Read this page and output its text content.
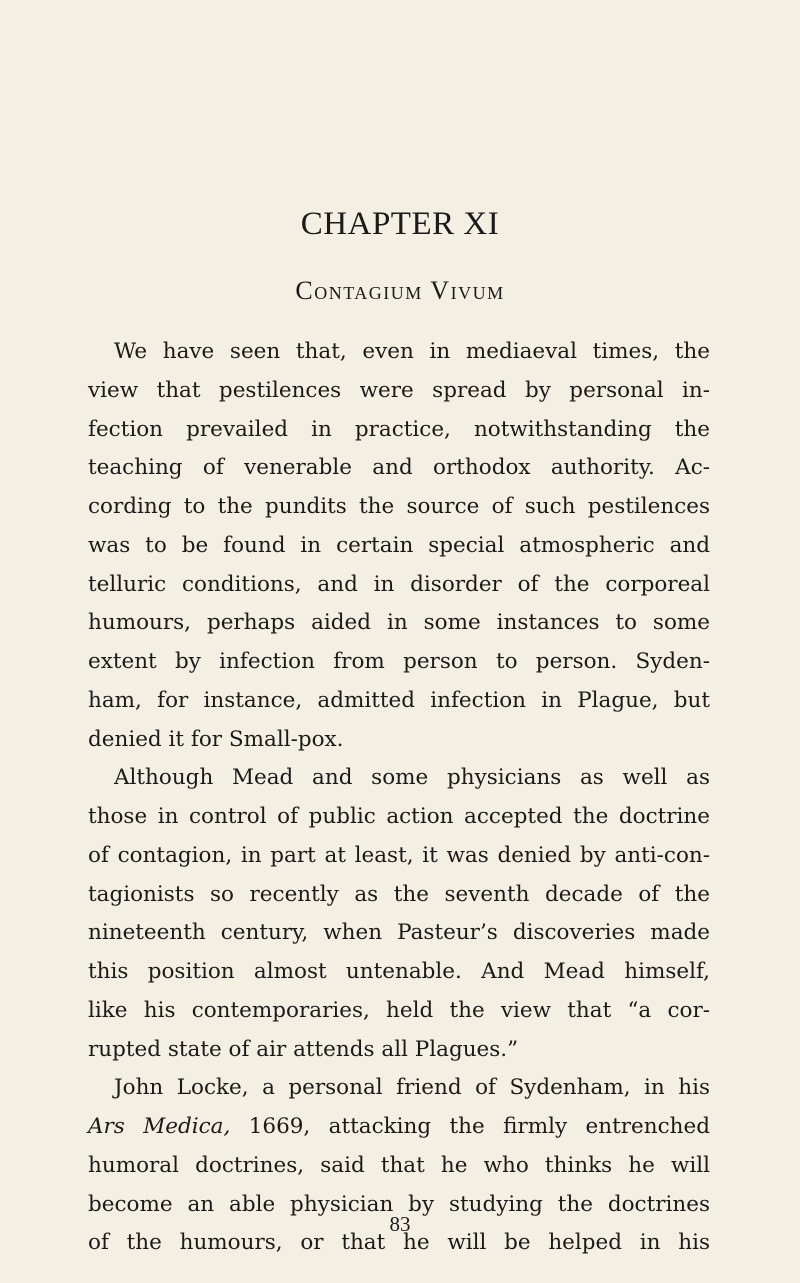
CHAPTER XI
Contagium Vivum
We have seen that, even in mediaeval times, the
view that pestilences were spread by personal in-
fection prevailed in practice, notwithstanding the
teaching of venerable and orthodox authority. Ac-
cording to the pundits the source of such pestilences
was to be found in certain special atmospheric and
telluric conditions, and in disorder of the corporeal
humours, perhaps aided in some instances to some
extent by infection from person to person. Syden-
ham, for instance, admitted infection in Plague, but
denied it for Small-pox.
Although Mead and some physicians as well as
those in control of public action accepted the doctrine
of contagion, in part at least, it was denied by anti-con-
tagionists so recently as the seventh decade of the
nineteenth century, when Pasteur’s discoveries made
this position almost untenable. And Mead himself,
like his contemporaries, held the view that “a cor-
rupted state of air attends all Plagues.”
John Locke, a personal friend of Sydenham, in his
Ars Medica, 1669, attacking the firmly entrenched
humoral doctrines, said that he who thinks he will
become an able physician by studying the doctrines
of the humours, or that he will be helped in his
83
